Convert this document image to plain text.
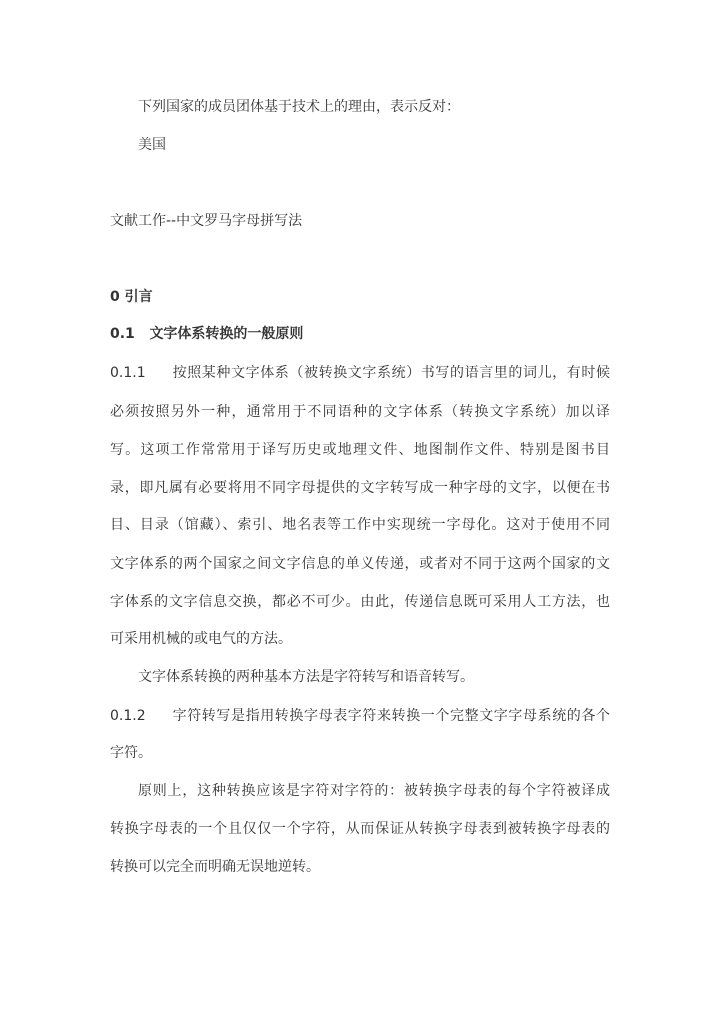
下列国家的成员团体基于技术上的理由，表示反对：
美国
文献工作--中文罗马字母拼写法
0 引言
0.1 文字体系转换的一般原则
0.1.1 按照某种文字体系（被转换文字系统）书写的语言里的词儿，有时候
必须按照另外一种，通常用于不同语种的文字体系（转换文字系统）加以译
写。这项工作常常用于译写历史或地理文件、地图制作文件、特别是图书目
录，即凡属有必要将用不同字母提供的文字转写成一种字母的文字，以便在书
目、目录（馆藏）、索引、地名表等工作中实现统一字母化。这对于使用不同
文字体系的两个国家之间文字信息的单义传递，或者对不同于这两个国家的文
字体系的文字信息交换，都必不可少。由此，传递信息既可采用人工方法，也
可采用机械的或电气的方法。
文字体系转换的两种基本方法是字符转写和语音转写。
0.1.2 字符转写是指用转换字母表字符来转换一个完整文字字母系统的各个
字符。
原则上，这种转换应该是字符对字符的：被转换字母表的每个字符被译成
转换字母表的一个且仅仅一个字符，从而保证从转换字母表到被转换字母表的
转换可以完全而明确无误地逆转。
